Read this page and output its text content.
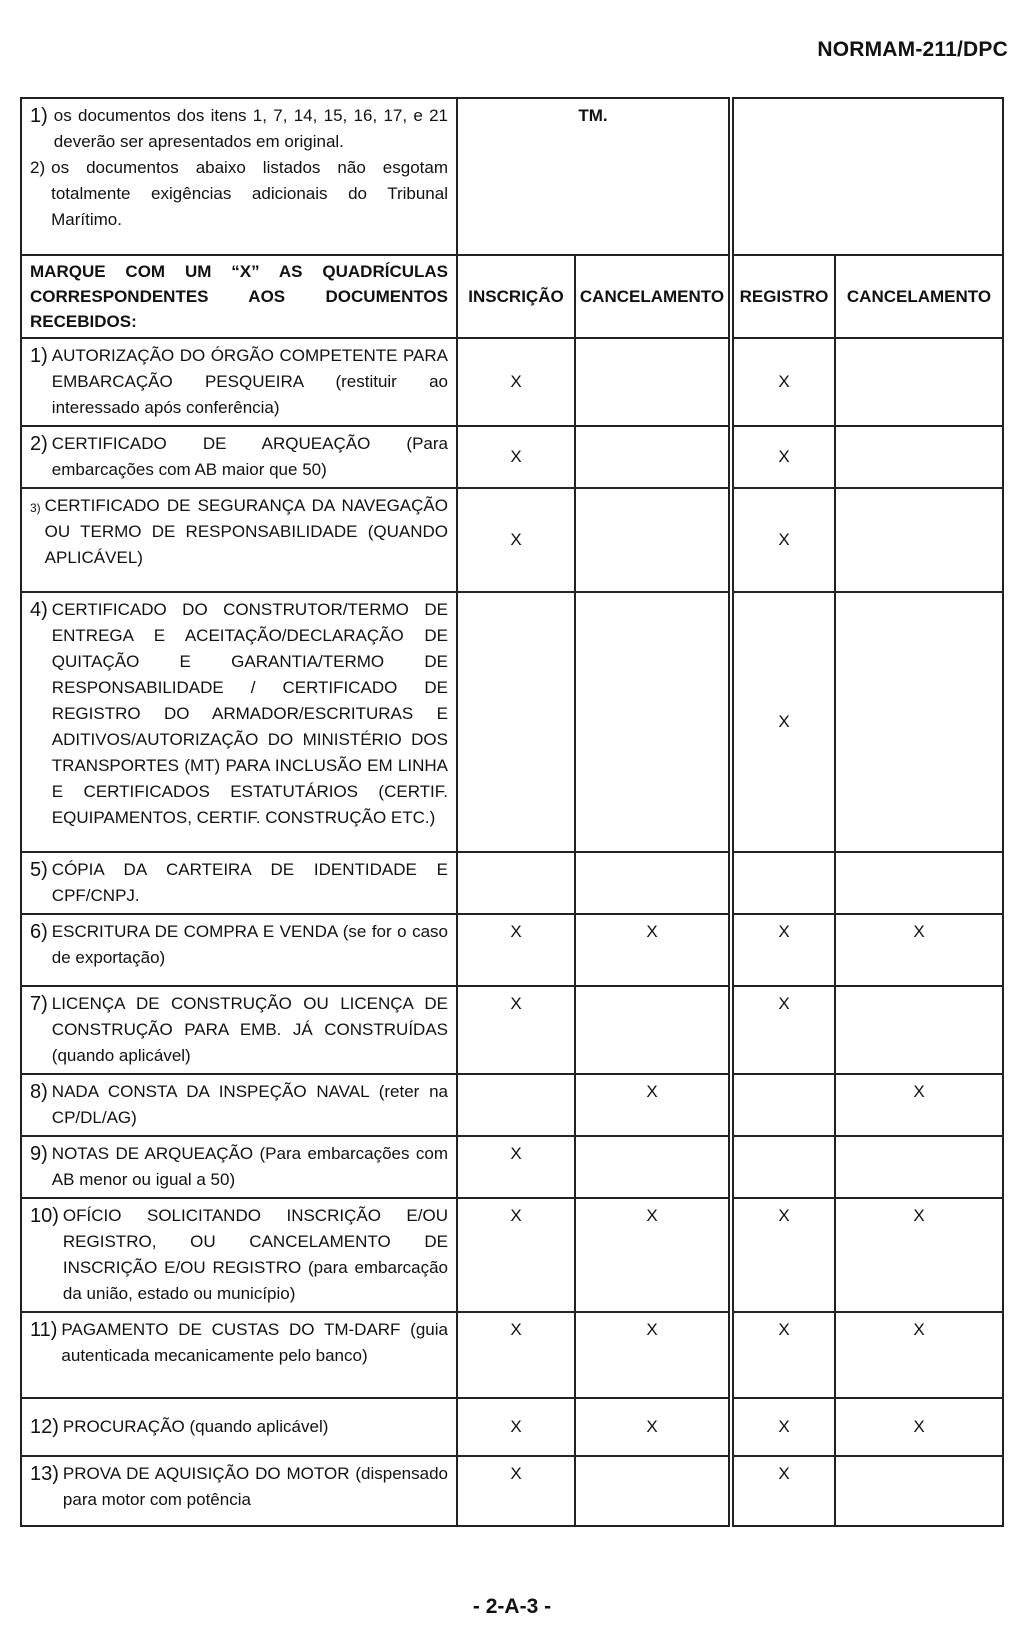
NORMAM-211/DPC
1) os documentos dos itens 1, 7, 14, 15, 16, 17, e 21 deverão ser apresentados em original.
2) os documentos abaixo listados não esgotam totalmente exigências adicionais do Tribunal Marítimo.	TM.			
MARQUE COM UM “X” AS QUADRÍCULAS CORRESPONDENTES AOS DOCUMENTOS RECEBIDOS:	INSCRIÇÃO	CANCELAMENTO	REGISTRO	CANCELAMENTO

1) AUTORIZAÇÃO DO ÓRGÃO COMPETENTE PARA EMBARCAÇÃO PESQUEIRA (restituir ao interessado após conferência)	X		X	

2) CERTIFICADO DE ARQUEAÇÃO (Para embarcações com AB maior que 50)	X		X	

3) CERTIFICADO DE SEGURANÇA DA NAVEGAÇÃO OU TERMO DE RESPONSABILIDADE (QUANDO APLICÁVEL)	X		X	

4) CERTIFICADO DO CONSTRUTOR/TERMO DE ENTREGA E ACEITAÇÃO/DECLARAÇÃO DE QUITAÇÃO E GARANTIA/TERMO DE RESPONSABILIDADE / CERTIFICADO DE REGISTRO DO ARMADOR/ESCRITURAS E ADITIVOS/AUTORIZAÇÃO DO MINISTÉRIO DOS TRANSPORTES (MT) PARA INCLUSÃO EM LINHA E CERTIFICADOS ESTATUTÁRIOS (CERTIF. EQUIPAMENTOS, CERTIF. CONSTRUÇÃO ETC.)			X	

5) CÓPIA DA CARTEIRA DE IDENTIDADE E CPF/CNPJ.				

6) ESCRITURA DE COMPRA E VENDA (se for o caso de exportação)	X	X	X	X

7) LICENÇA DE CONSTRUÇÃO OU LICENÇA DE CONSTRUÇÃO PARA EMB. JÁ CONSTRUÍDAS (quando aplicável)	X		X	

8) NADA CONSTA DA INSPEÇÃO NAVAL (reter na CP/DL/AG)		X		X

9) NOTAS DE ARQUEAÇÃO (Para embarcações com AB menor ou igual a 50)	X			

10) OFÍCIO SOLICITANDO INSCRIÇÃO E/OU REGISTRO, OU CANCELAMENTO DE INSCRIÇÃO E/OU REGISTRO (para embarcação da união, estado ou município)	X	X	X	X

11) PAGAMENTO DE CUSTAS DO TM-DARF (guia autenticada mecanicamente pelo banco)	X	X	X	X

12) PROCURAÇÃO (quando aplicável)	X	X	X	X

13) PROVA DE AQUISIÇÃO DO MOTOR (dispensado para motor com potência	X		X	
- 2-A-3 -
